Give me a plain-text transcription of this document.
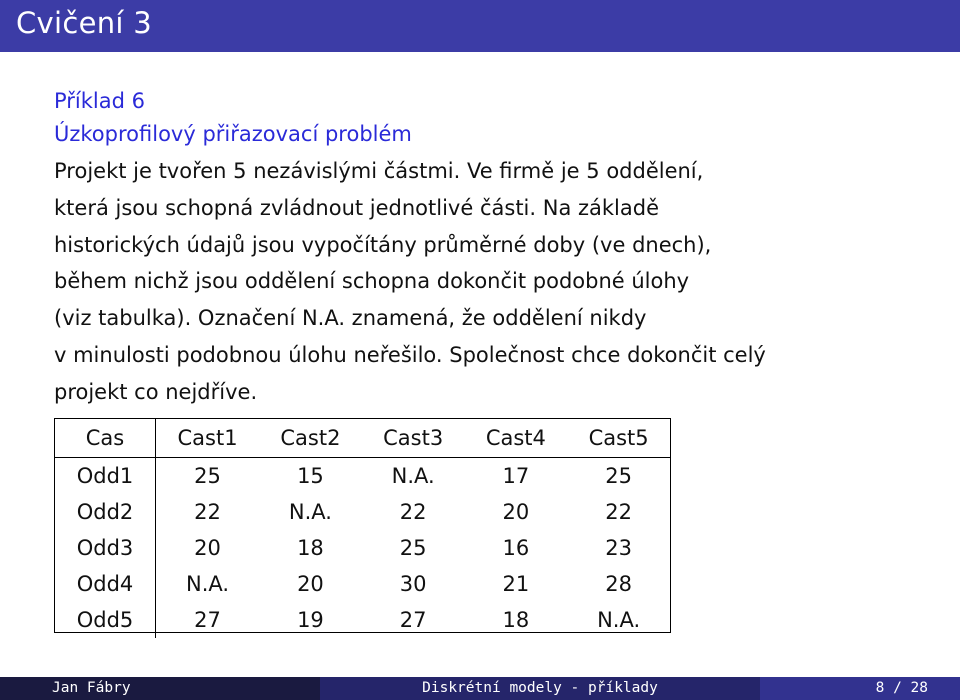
Cvičení 3
Příklad 6
Úzkoprofilový přiřazovací problém

Projekt je tvořen 5 nezávislými částmi. Ve firmě je 5 oddělení,
která jsou schopná zvládnout jednotlivé části. Na základě
historických údajů jsou vypočítány průměrné doby (ve dnech),
během nichž jsou oddělení schopna dokončit podobné úlohy
(viz tabulka). Označení N.A. znamená, že oddělení nikdy
v minulosti podobnou úlohu neřešilo. Společnost chce dokončit celý
projekt co nejdříve.

Cas	Cast1	Cast2	Cast3	Cast4	Cast5
Odd1	25	15	N.A.	17	25
Odd2	22	N.A.	22	20	22
Odd3	20	18	25	16	23
Odd4	N.A.	20	30	21	28
Odd5	27	19	27	18	N.A.
Jan Fábry	Diskrétní modely - příklady	8 / 28
